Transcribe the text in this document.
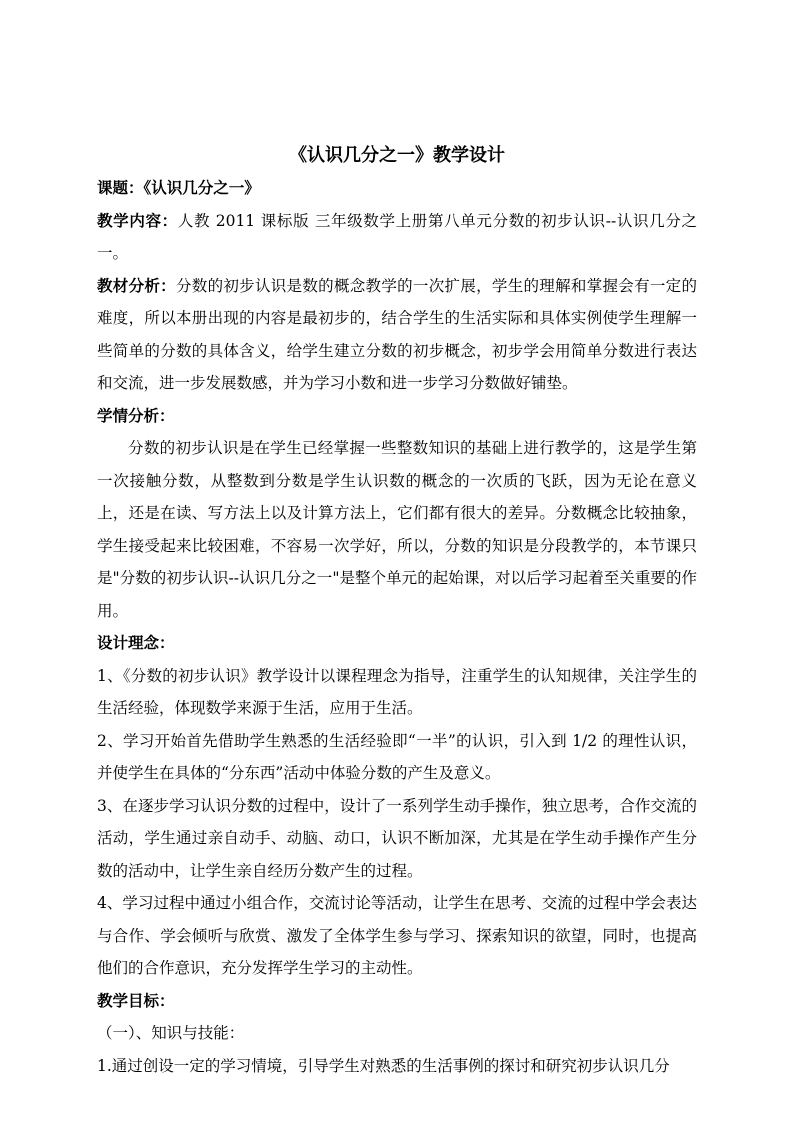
《认识几分之一》教学设计

课题：《认识几分之一》

教学内容：人教 2011 课标版 三年级数学上册第八单元分数的初步认识--认识几分之一。

教材分析：分数的初步认识是数的概念教学的一次扩展，学生的理解和掌握会有一定的难度，所以本册出现的内容是最初步的，结合学生的生活实际和具体实例使学生理解一些简单的分数的具体含义，给学生建立分数的初步概念，初步学会用简单分数进行表达和交流，进一步发展数感，并为学习小数和进一步学习分数做好铺垫。

学情分析：

分数的初步认识是在学生已经掌握一些整数知识的基础上进行教学的，这是学生第一次接触分数，从整数到分数是学生认识数的概念的一次质的飞跃，因为无论在意义上，还是在读、写方法上以及计算方法上，它们都有很大的差异。分数概念比较抽象，学生接受起来比较困难，不容易一次学好，所以，分数的知识是分段教学的，本节课只是"分数的初步认识--认识几分之一"是整个单元的起始课，对以后学习起着至关重要的作用。

设计理念：

1、《分数的初步认识》教学设计以课程理念为指导，注重学生的认知规律，关注学生的生活经验，体现数学来源于生活，应用于生活。

2、学习开始首先借助学生熟悉的生活经验即“一半”的认识，引入到 1/2 的理性认识，并使学生在具体的“分东西”活动中体验分数的产生及意义。

3、在逐步学习认识分数的过程中，设计了一系列学生动手操作，独立思考，合作交流的活动，学生通过亲自动手、动脑、动口，认识不断加深，尤其是在学生动手操作产生分数的活动中，让学生亲自经历分数产生的过程。

4、学习过程中通过小组合作，交流讨论等活动，让学生在思考、交流的过程中学会表达与合作、学会倾听与欣赏、激发了全体学生参与学习、探索知识的欲望，同时，也提高他们的合作意识，充分发挥学生学习的主动性。

教学目标：

（一）、知识与技能：

1.通过创设一定的学习情境，引导学生对熟悉的生活事例的探讨和研究初步认识几分
